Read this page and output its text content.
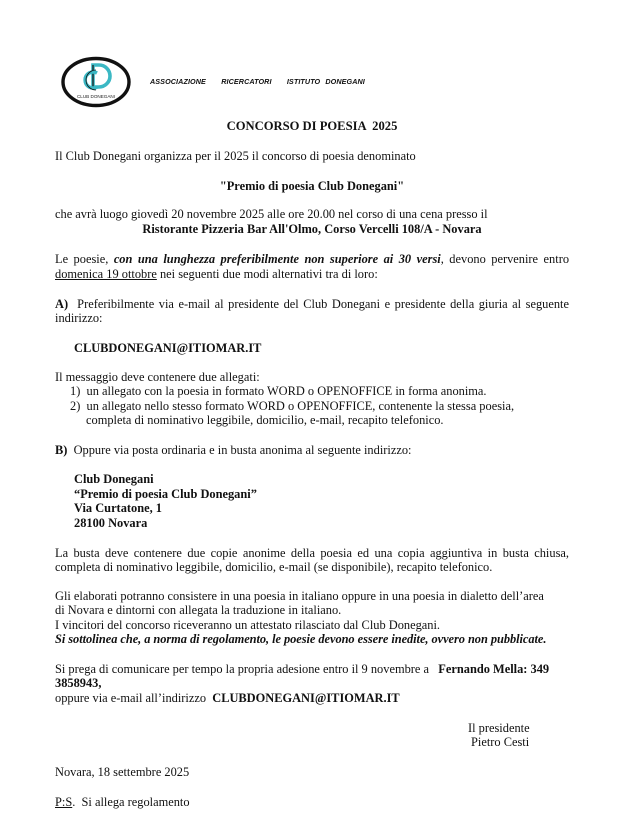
CLUB DONEGANI
ASSOCIAZIONE   RICERCATORI   ISTITUTO DONEGANI
CONCORSO DI POESIA  2025
Il Club Donegani organizza per il 2025 il concorso di poesia denominato
"Premio di poesia Club Donegani"
che avrà luogo giovedì 20 novembre 2025 alle ore 20.00 nel corso di una cena presso il
Ristorante Pizzeria Bar All'Olmo, Corso Vercelli 108/A - Novara
Le poesie, con una lunghezza preferibilmente non superiore ai 30 versi, devono pervenire entro
domenica 19 ottobre nei seguenti due modi alternativi tra di loro:
A) Preferibilmente via e-mail al presidente del Club Donegani e presidente della giuria al seguente
indirizzo:
CLUBDONEGANI@ITIOMAR.IT
Il messaggio deve contenere due allegati:
1) un allegato con la poesia in formato WORD o OPENOFFICE in forma anonima.
2) un allegato nello stesso formato WORD o OPENOFFICE, contenente la stessa poesia,
completa di nominativo leggibile, domicilio, e-mail, recapito telefonico.
B) Oppure via posta ordinaria e in busta anonima al seguente indirizzo:
Club Donegani
“Premio di poesia Club Donegani”
Via Curtatone, 1
28100 Novara
La busta deve contenere due copie anonime della poesia ed una copia aggiuntiva in busta chiusa,
completa di nominativo leggibile, domicilio, e-mail (se disponibile), recapito telefonico.
Gli elaborati potranno consistere in una poesia in italiano oppure in una poesia in dialetto dell’area
di Novara e dintorni con allegata la traduzione in italiano.
I vincitori del concorso riceveranno un attestato rilasciato dal Club Donegani.
Si sottolinea che, a norma di regolamento, le poesie devono essere inedite, ovvero non pubblicate.
Si prega di comunicare per tempo la propria adesione entro il 9 novembre a Fernando Mella: 349
3858943,
oppure via e-mail all’indirizzo CLUBDONEGANI@ITIOMAR.IT
Il presidente
Pietro Cesti
Novara, 18 settembre 2025
P:S.  Si allega regolamento
